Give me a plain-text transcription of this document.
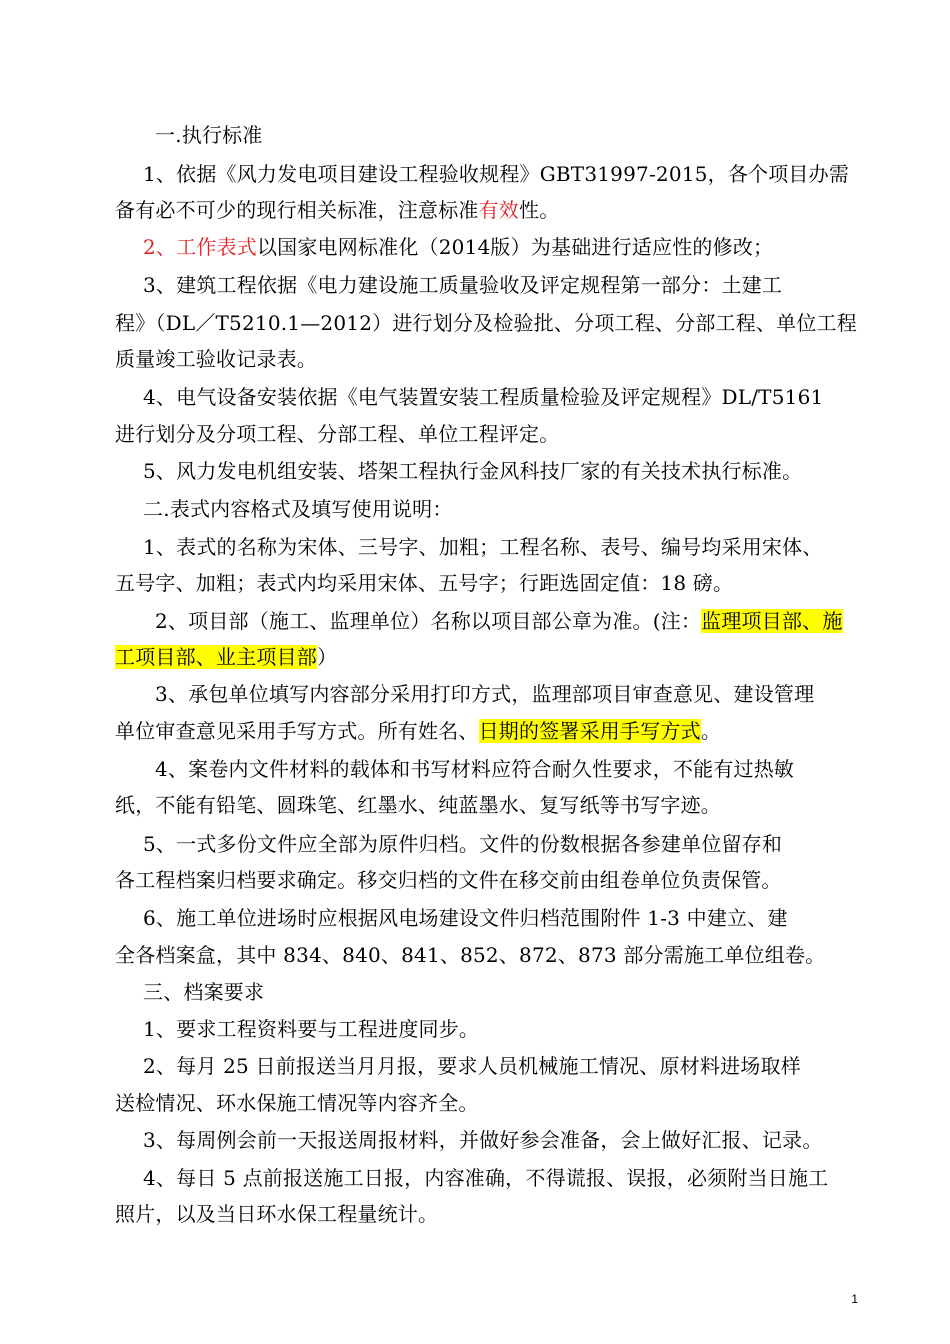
一.执行标准
1、依据《风力发电项目建设工程验收规程》GBT31997-2015，各个项目办需
备有必不可少的现行相关标准，注意标准有效性。
2、工作表式以国家电网标准化（2014版）为基础进行适应性的修改；
3、建筑工程依据《电力建设施工质量验收及评定规程第一部分：土建工
程》（DL／T5210.1—2012）进行划分及检验批、分项工程、分部工程、单位工程
质量竣工验收记录表。
4、电气设备安装依据《电气装置安装工程质量检验及评定规程》DL/T5161
进行划分及分项工程、分部工程、单位工程评定。
5、风力发电机组安装、塔架工程执行金风科技厂家的有关技术执行标准。
二.表式内容格式及填写使用说明：
1、表式的名称为宋体、三号字、加粗；工程名称、表号、编号均采用宋体、
五号字、加粗；表式内均采用宋体、五号字；行距选固定值：18 磅。
2、项目部（施工、监理单位）名称以项目部公章为准。(注：监理项目部、施
工项目部、业主项目部）
3、承包单位填写内容部分采用打印方式，监理部项目审查意见、建设管理
单位审查意见采用手写方式。所有姓名、日期的签署采用手写方式。
4、案卷内文件材料的载体和书写材料应符合耐久性要求，不能有过热敏
纸，不能有铅笔、圆珠笔、红墨水、纯蓝墨水、复写纸等书写字迹。
5、一式多份文件应全部为原件归档。文件的份数根据各参建单位留存和
各工程档案归档要求确定。移交归档的文件在移交前由组卷单位负责保管。
6、施工单位进场时应根据风电场建设文件归档范围附件 1-3 中建立、建
全各档案盒，其中 834、840、841、852、872、873 部分需施工单位组卷。
三、档案要求
1、要求工程资料要与工程进度同步。
2、每月 25 日前报送当月月报，要求人员机械施工情况、原材料进场取样
送检情况、环水保施工情况等内容齐全。
3、每周例会前一天报送周报材料，并做好参会准备，会上做好汇报、记录。
4、每日 5 点前报送施工日报，内容准确，不得谎报、误报，必须附当日施工
照片，以及当日环水保工程量统计。
1
